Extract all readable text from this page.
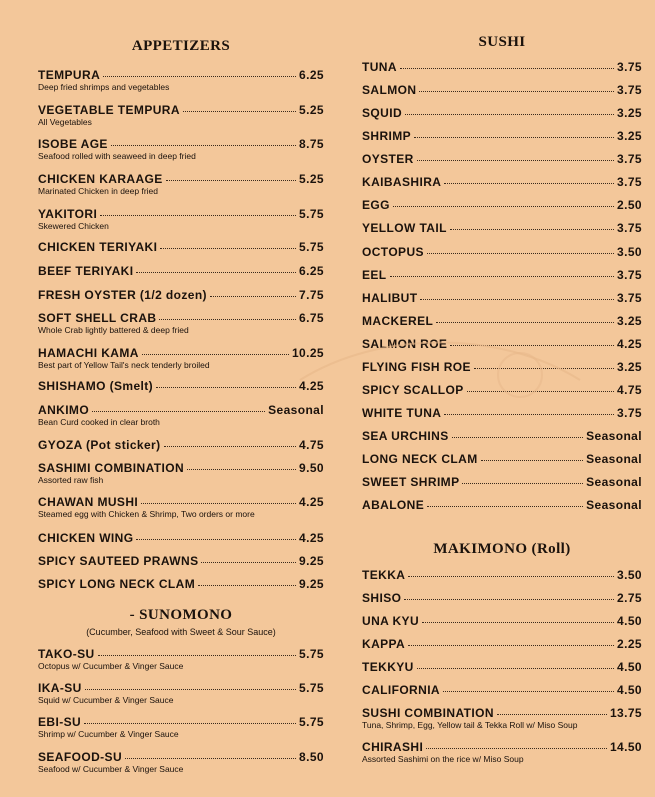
APPETIZERS
TEMPURA	6.25
Deep fried shrimps and vegetables
VEGETABLE TEMPURA	5.25
All Vegetables
ISOBE AGE	8.75
Seafood rolled with seaweed in deep fried
CHICKEN KARAAGE	5.25
Marinated Chicken in deep fried
YAKITORI	5.75
Skewered Chicken
CHICKEN TERIYAKI	5.75
BEEF TERIYAKI	6.25
FRESH OYSTER (1/2 dozen)	7.75
SOFT SHELL CRAB	6.75
Whole Crab lightly battered & deep fried
HAMACHI KAMA	10.25
Best part of Yellow Tail's neck tenderly broiled
SHISHAMO (Smelt)	4.25
ANKIMO	Seasonal
Bean Curd cooked in clear broth
GYOZA (Pot sticker)	4.75
SASHIMI COMBINATION	9.50
Assorted raw fish
CHAWAN MUSHI	4.25
Steamed egg with Chicken & Shrimp, Two orders or more
CHICKEN WING	4.25
SPICY SAUTEED PRAWNS	9.25
SPICY LONG NECK CLAM	9.25
- SUNOMONO
(Cucumber, Seafood with Sweet & Sour Sauce)
TAKO-SU	5.75
Octopus w/ Cucumber & Vinger Sauce
IKA-SU	5.75
Squid w/ Cucumber & Vinger Sauce
EBI-SU	5.75
Shrimp w/ Cucumber & Vinger Sauce
SEAFOOD-SU	8.50
Seafood w/ Cucumber & Vinger Sauce
SUSHI
TUNA	3.75
SALMON	3.75
SQUID	3.25
SHRIMP	3.25
OYSTER	3.75
KAIBASHIRA	3.75
EGG	2.50
YELLOW TAIL	3.75
OCTOPUS	3.50
EEL	3.75
HALIBUT	3.75
MACKEREL	3.25
SALMON ROE	4.25
FLYING FISH ROE	3.25
SPICY SCALLOP	4.75
WHITE TUNA	3.75
SEA URCHINS	Seasonal
LONG NECK CLAM	Seasonal
SWEET SHRIMP	Seasonal
ABALONE	Seasonal
MAKIMONO (Roll)
TEKKA	3.50
SHISO	2.75
UNA KYU	4.50
KAPPA	2.25
TEKKYU	4.50
CALIFORNIA	4.50
SUSHI COMBINATION	13.75
Tuna, Shrimp, Egg, Yellow tail & Tekka Roll w/ Miso Soup
CHIRASHI	14.50
Assorted Sashimi on the rice w/ Miso Soup
